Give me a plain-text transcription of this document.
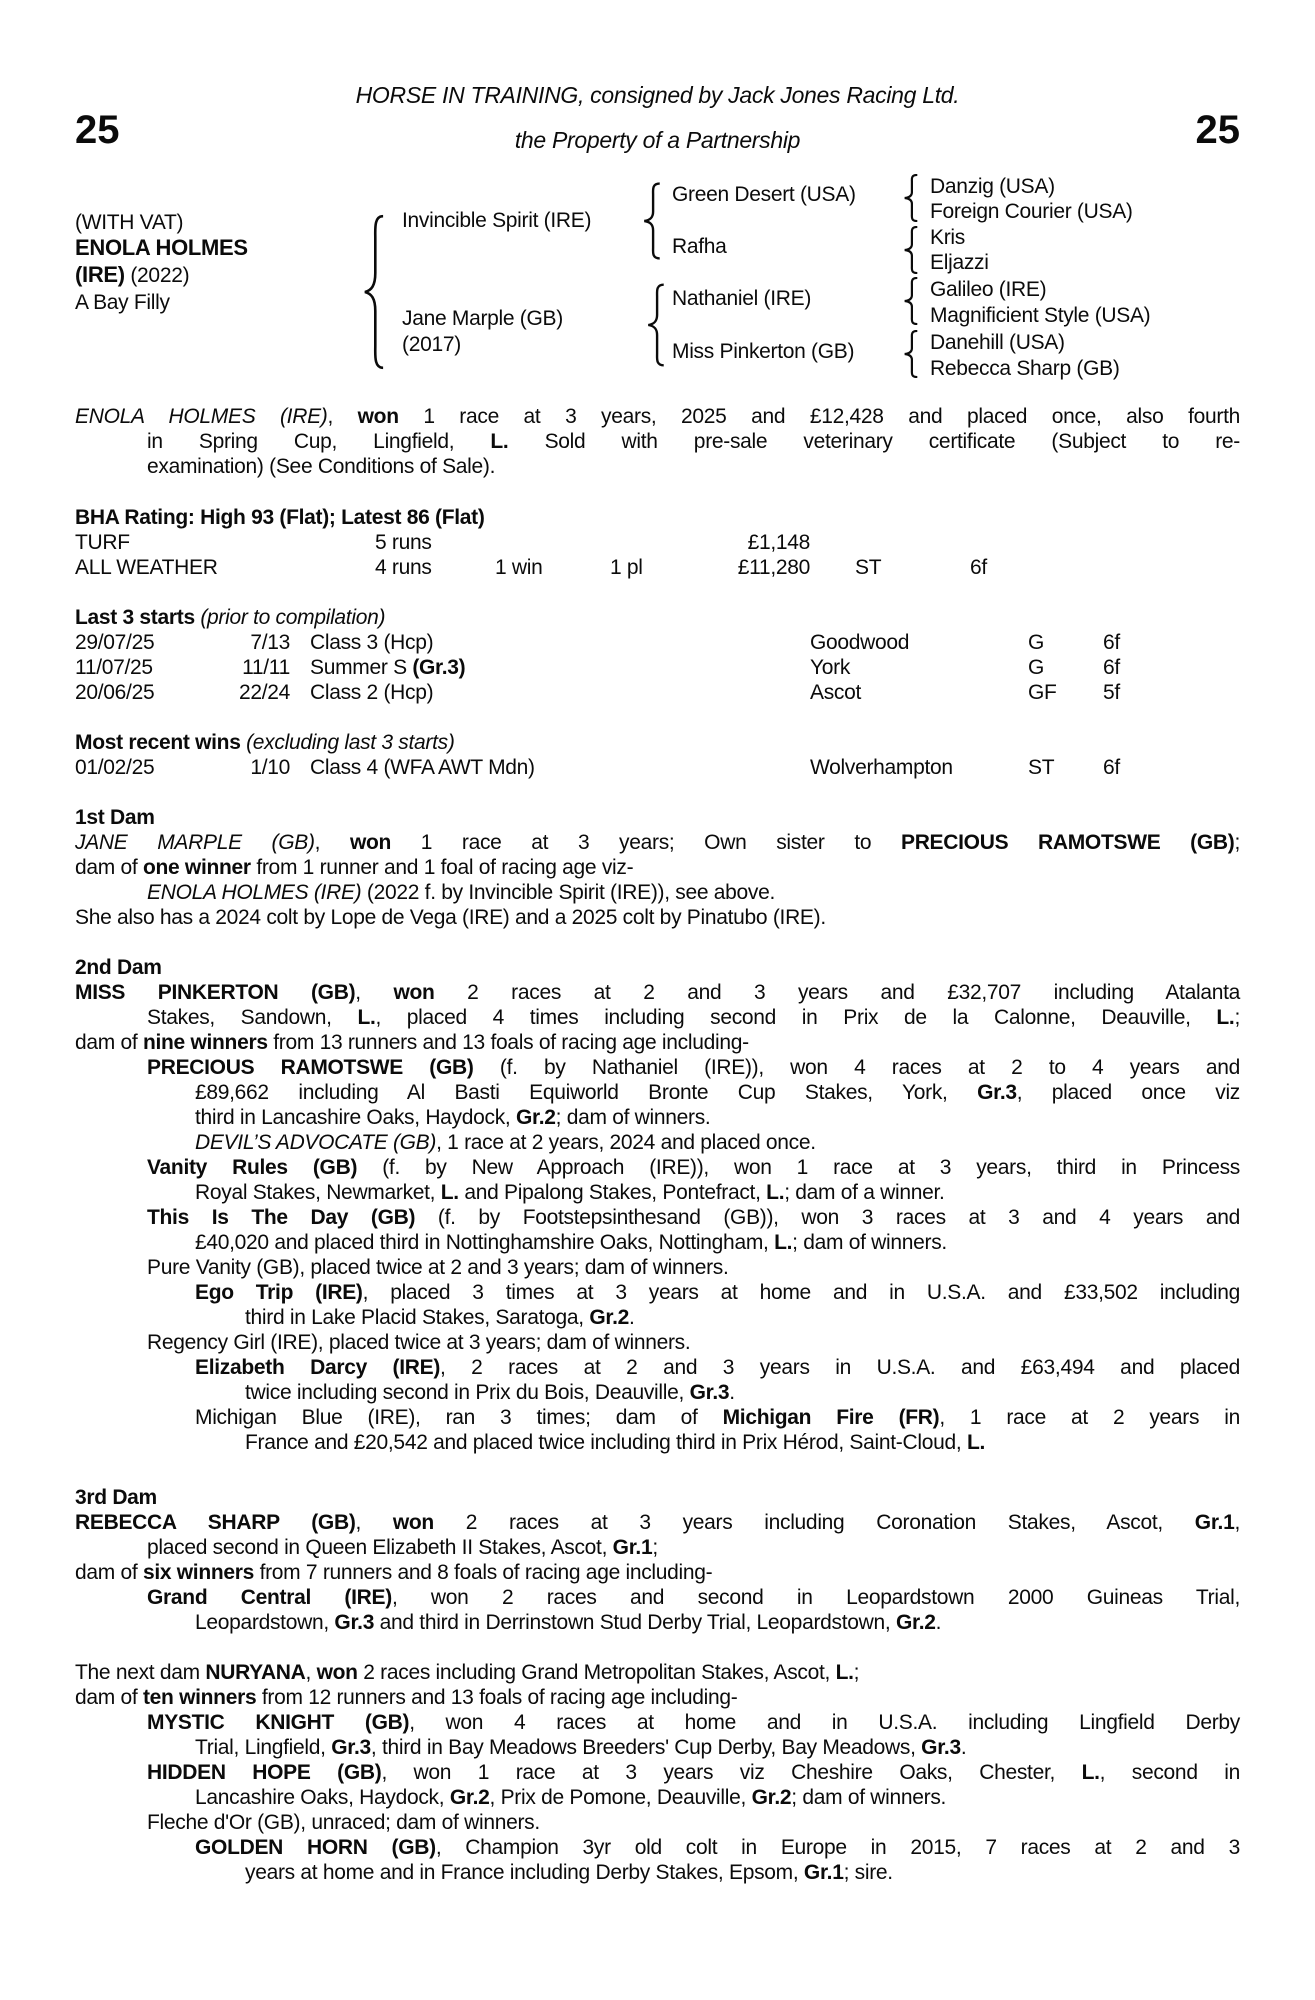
HORSE IN TRAINING, consigned by Jack Jones Racing Ltd.
25	the Property of a Partnership	25
(WITH VAT)
ENOLA HOLMES
(IRE) (2022)
A Bay Filly
Invincible Spirit (IRE)
Jane Marple (GB)
(2017)
Green Desert (USA)
Rafha
Nathaniel (IRE)
Miss Pinkerton (GB)
Danzig (USA)
Foreign Courier (USA)
Kris
Eljazzi
Galileo (IRE)
Magnificient Style (USA)
Danehill (USA)
Rebecca Sharp (GB)
ENOLA HOLMES (IRE), won 1 race at 3 years, 2025 and £12,428 and placed once, also fourth
in Spring Cup, Lingfield, L. Sold with pre-sale veterinary certificate (Subject to re-
examination) (See Conditions of Sale).
BHA Rating: High 93 (Flat); Latest 86 (Flat)
TURF	5 runs	£1,148
ALL WEATHER	4 runs	1 win	1 pl	£11,280 ST	6f
Last 3 starts (prior to compilation)
29/07/25	7/13 Class 3 (Hcp)	Goodwood	G	6f
11/07/25	11/11 Summer S (Gr.3)	York	G	6f
20/06/25	22/24 Class 2 (Hcp)	Ascot	GF 5f
Most recent wins (excluding last 3 starts)
01/02/25	1/10 Class 4 (WFA AWT Mdn)	Wolverhampton	ST 6f
1st Dam
JANE MARPLE (GB), won 1 race at 3 years; Own sister to PRECIOUS RAMOTSWE (GB);
dam of one winner from 1 runner and 1 foal of racing age viz-
ENOLA HOLMES (IRE) (2022 f. by Invincible Spirit (IRE)), see above.
She also has a 2024 colt by Lope de Vega (IRE) and a 2025 colt by Pinatubo (IRE).
2nd Dam
MISS PINKERTON (GB), won 2 races at 2 and 3 years and £32,707 including Atalanta
Stakes, Sandown, L., placed 4 times including second in Prix de la Calonne, Deauville, L.;
dam of nine winners from 13 runners and 13 foals of racing age including-
PRECIOUS RAMOTSWE (GB) (f. by Nathaniel (IRE)), won 4 races at 2 to 4 years and
£89,662 including Al Basti Equiworld Bronte Cup Stakes, York, Gr.3, placed once viz
third in Lancashire Oaks, Haydock, Gr.2; dam of winners.
DEVIL’S ADVOCATE (GB), 1 race at 2 years, 2024 and placed once.
Vanity Rules (GB) (f. by New Approach (IRE)), won 1 race at 3 years, third in Princess
Royal Stakes, Newmarket, L. and Pipalong Stakes, Pontefract, L.; dam of a winner.
This Is The Day (GB) (f. by Footstepsinthesand (GB)), won 3 races at 3 and 4 years and
£40,020 and placed third in Nottinghamshire Oaks, Nottingham, L.; dam of winners.
Pure Vanity (GB), placed twice at 2 and 3 years; dam of winners.
Ego Trip (IRE), placed 3 times at 3 years at home and in U.S.A. and £33,502 including
third in Lake Placid Stakes, Saratoga, Gr.2.
Regency Girl (IRE), placed twice at 3 years; dam of winners.
Elizabeth Darcy (IRE), 2 races at 2 and 3 years in U.S.A. and £63,494 and placed
twice including second in Prix du Bois, Deauville, Gr.3.
Michigan Blue (IRE), ran 3 times; dam of Michigan Fire (FR), 1 race at 2 years in
France and £20,542 and placed twice including third in Prix Hérod, Saint-Cloud, L.
3rd Dam
REBECCA SHARP (GB), won 2 races at 3 years including Coronation Stakes, Ascot, Gr.1,
placed second in Queen Elizabeth II Stakes, Ascot, Gr.1;
dam of six winners from 7 runners and 8 foals of racing age including-
Grand Central (IRE), won 2 races and second in Leopardstown 2000 Guineas Trial,
Leopardstown, Gr.3 and third in Derrinstown Stud Derby Trial, Leopardstown, Gr.2.
The next dam NURYANA, won 2 races including Grand Metropolitan Stakes, Ascot, L.;
dam of ten winners from 12 runners and 13 foals of racing age including-
MYSTIC KNIGHT (GB), won 4 races at home and in U.S.A. including Lingfield Derby
Trial, Lingfield, Gr.3, third in Bay Meadows Breeders' Cup Derby, Bay Meadows, Gr.3.
HIDDEN HOPE (GB), won 1 race at 3 years viz Cheshire Oaks, Chester, L., second in
Lancashire Oaks, Haydock, Gr.2, Prix de Pomone, Deauville, Gr.2; dam of winners.
Fleche d'Or (GB), unraced; dam of winners.
GOLDEN HORN (GB), Champion 3yr old colt in Europe in 2015, 7 races at 2 and 3
years at home and in France including Derby Stakes, Epsom, Gr.1; sire.
